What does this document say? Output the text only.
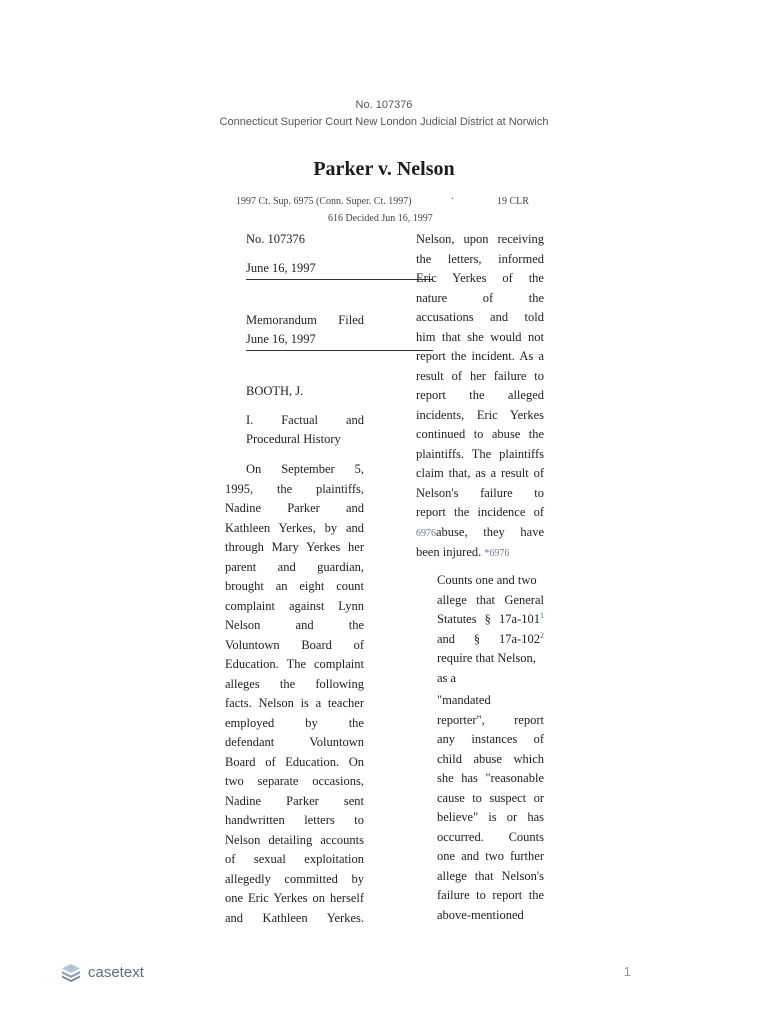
No. 107376
Connecticut Superior Court New London Judicial District at Norwich
Parker v. Nelson
1997 Ct. Sup. 6975 (Conn. Super. Ct. 1997)	·	19 CLR
616 Decided Jun 16, 1997
No. 107376
June 16, 1997
Memorandum Filed
June 16, 1997
BOOTH, J.
I. Factual and
Procedural History
On September 5,
1995, the plaintiffs,
Nadine Parker and
Kathleen Yerkes, by and
through Mary Yerkes her
parent and guardian,
brought an eight count
complaint against Lynn
Nelson and the
Voluntown Board of
Education. The complaint
alleges the following
facts. Nelson is a teacher
employed by the
defendant Voluntown
Board of Education. On
two separate occasions,
Nadine Parker sent
handwritten letters to
Nelson detailing accounts
of sexual exploitation
allegedly committed by
one Eric Yerkes on herself
and Kathleen Yerkes.
Nelson, upon receiving
the letters, informed
Eric Yerkes of the
nature of the
accusations and told
him that she would not
report the incident. As a
result of her failure to
report the alleged
incidents, Eric Yerkes
continued to abuse the
plaintiffs. The plaintiffs
claim that, as a result of
Nelson's failure to
report the incidence of
6976abuse, they have
been injured. *6976
Counts one and two
allege that General
Statutes § $17a-101^1$
and § $17a-102^2$
require that Nelson,
as a
"mandated
reporter", report
any instances of
child abuse which
she has "reasonable
cause to suspect or
believe" is or has
occurred. Counts
one and two further
allege that Nelson's
failure to report the
above-mentioned
casetext	1
